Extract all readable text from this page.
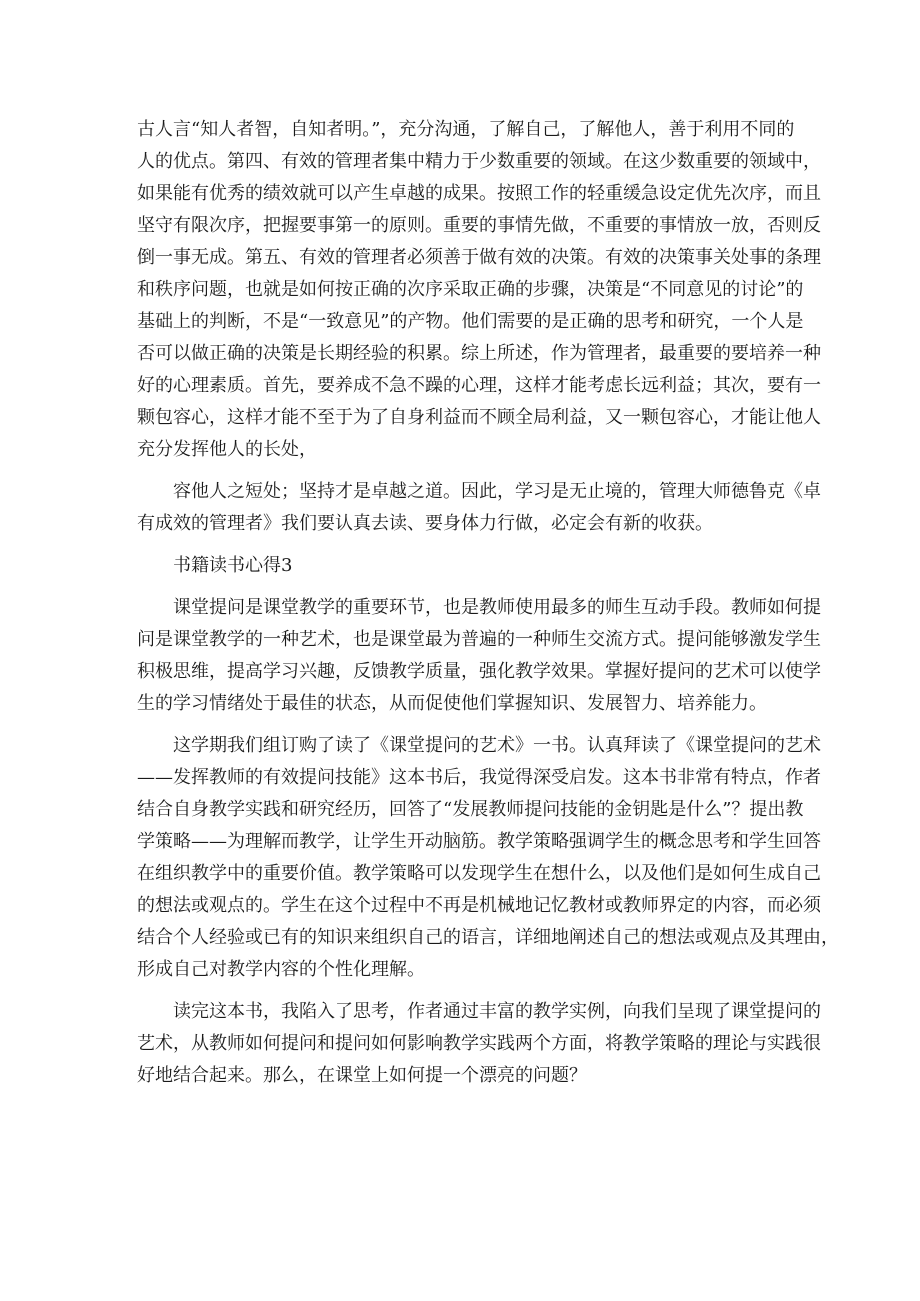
古人言“知人者智，自知者明。”，充分沟通，了解自己，了解他人，善于利用不同的
人的优点。第四、有效的管理者集中精力于少数重要的领域。在这少数重要的领域中，
如果能有优秀的绩效就可以产生卓越的成果。按照工作的轻重缓急设定优先次序，而且
坚守有限次序，把握要事第一的原则。重要的事情先做，不重要的事情放一放，否则反
倒一事无成。第五、有效的管理者必须善于做有效的决策。有效的决策事关处事的条理
和秩序问题，也就是如何按正确的次序采取正确的步骤，决策是“不同意见的讨论”的
基础上的判断，不是“一致意见”的产物。他们需要的是正确的思考和研究，一个人是
否可以做正确的决策是长期经验的积累。综上所述，作为管理者，最重要的要培养一种
好的心理素质。首先，要养成不急不躁的心理，这样才能考虑长远利益；其次，要有一
颗包容心，这样才能不至于为了自身利益而不顾全局利益，又一颗包容心，才能让他人
充分发挥他人的长处，
　　容他人之短处；坚持才是卓越之道。因此，学习是无止境的，管理大师德鲁克《卓
有成效的管理者》我们要认真去读、要身体力行做，必定会有新的收获。
　　书籍读书心得3
　　课堂提问是课堂教学的重要环节，也是教师使用最多的师生互动手段。教师如何提
问是课堂教学的一种艺术，也是课堂最为普遍的一种师生交流方式。提问能够激发学生
积极思维，提高学习兴趣，反馈教学质量，强化教学效果。掌握好提问的艺术可以使学
生的学习情绪处于最佳的状态，从而促使他们掌握知识、发展智力、培养能力。
　　这学期我们组订购了读了《课堂提问的艺术》一书。认真拜读了《课堂提问的艺术
——发挥教师的有效提问技能》这本书后，我觉得深受启发。这本书非常有特点，作者
结合自身教学实践和研究经历，回答了“发展教师提问技能的金钥匙是什么”？提出教
学策略——为理解而教学，让学生开动脑筋。教学策略强调学生的概念思考和学生回答
在组织教学中的重要价值。教学策略可以发现学生在想什么，以及他们是如何生成自己
的想法或观点的。学生在这个过程中不再是机械地记忆教材或教师界定的内容，而必须
结合个人经验或已有的知识来组织自己的语言，详细地阐述自己的想法或观点及其理由，
形成自己对教学内容的个性化理解。
　　读完这本书，我陷入了思考，作者通过丰富的教学实例，向我们呈现了课堂提问的
艺术，从教师如何提问和提问如何影响教学实践两个方面，将教学策略的理论与实践很
好地结合起来。那么，在课堂上如何提一个漂亮的问题？
